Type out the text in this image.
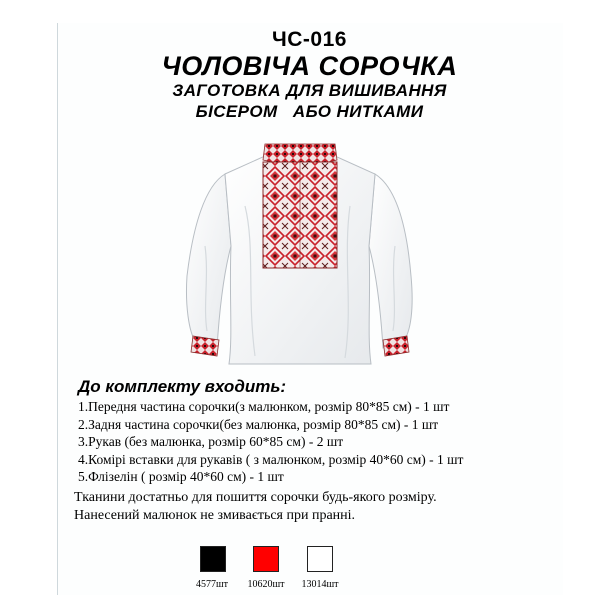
ЧС-016
ЧОЛОВІЧА СОРОЧКА
ЗАГОТОВКА ДЛЯ ВИШИВАННЯ
БІСЕРОМ   АБО НИТКАМИ
До комплекту входить:
1.Передня частина сорочки(з малюнком, розмір 80*85 см) - 1 шт
2.Задня частина сорочки(без малюнка, розмір 80*85 см) - 1 шт
3.Рукав (без малюнка, розмір 60*85 см) - 2 шт
4.Комірі вставки для рукавів ( з малюнком, розмір 40*60 см) - 1 шт
5.Флізелін ( розмір 40*60 см) - 1 шт
Тканини достатньо для пошиття сорочки будь-якого розміру.
Нанесений малюнок не змивається при пранні.
4577шт	10620шт	13014шт
